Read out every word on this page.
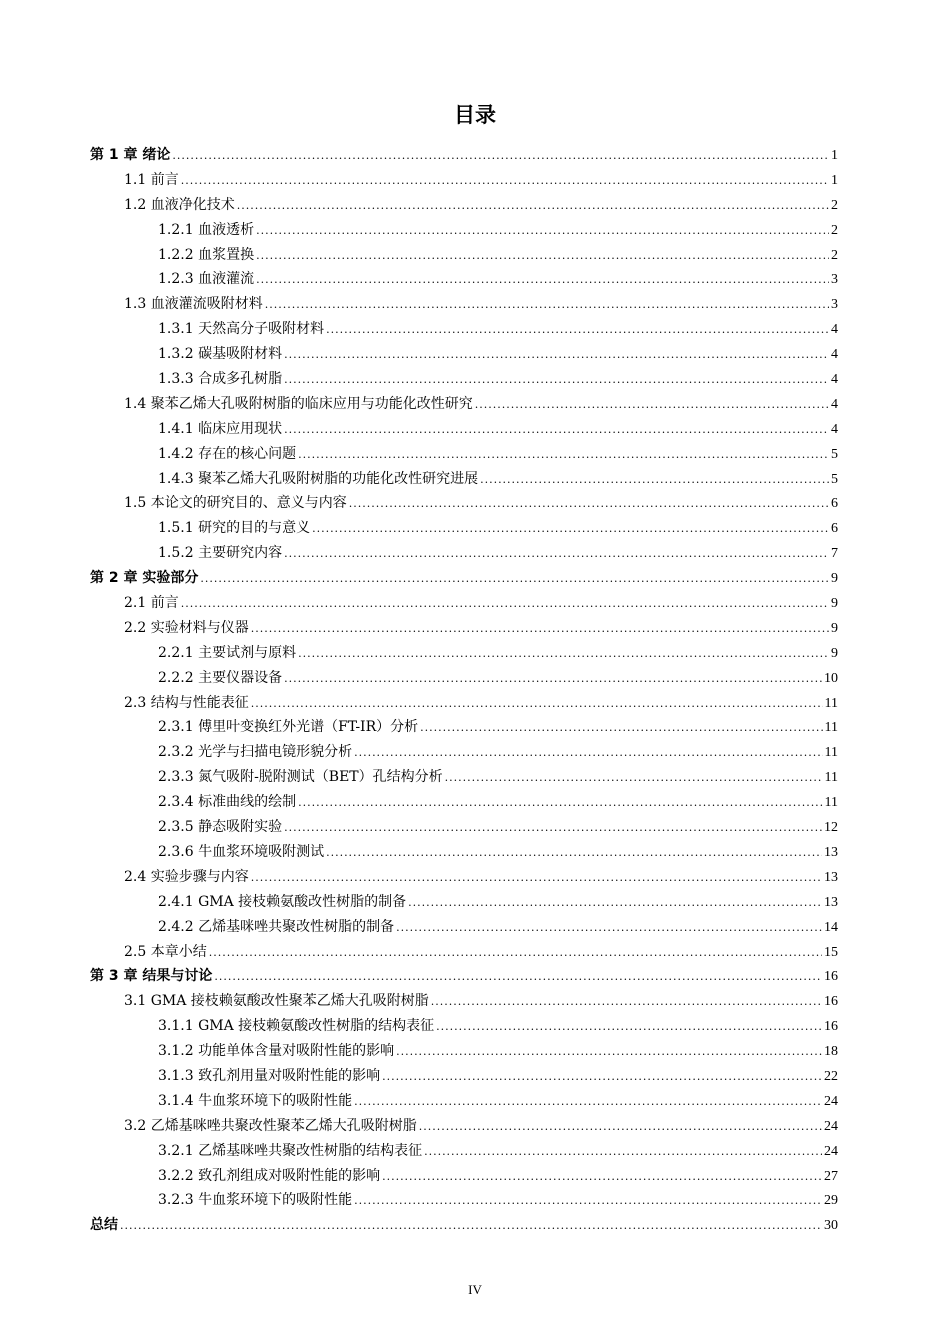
目录
第 1 章 绪论 .....	1
1.1 前言 .....	1
1.2 血液净化技术 .....	2
1.2.1 血液透析 .....	2
1.2.2 血浆置换 .....	2
1.2.3 血液灌流 .....	3
1.3 血液灌流吸附材料 .....	3
1.3.1 天然高分子吸附材料 .....	4
1.3.2 碳基吸附材料 .....	4
1.3.3 合成多孔树脂 .....	4
1.4 聚苯乙烯大孔吸附树脂的临床应用与功能化改性研究 .....	4
1.4.1 临床应用现状 .....	4
1.4.2 存在的核心问题 .....	5
1.4.3 聚苯乙烯大孔吸附树脂的功能化改性研究进展 .....	5
1.5 本论文的研究目的、意义与内容 .....	6
1.5.1 研究的目的与意义 .....	6
1.5.2 主要研究内容 .....	7
第 2 章 实验部分 .....	9
2.1 前言 .....	9
2.2 实验材料与仪器 .....	9
2.2.1 主要试剂与原料 .....	9
2.2.2 主要仪器设备 .....	10
2.3 结构与性能表征 .....	11
2.3.1 傅里叶变换红外光谱（FT-IR）分析 .....	11
2.3.2 光学与扫描电镜形貌分析 .....	11
2.3.3 氮气吸附-脱附测试（BET）孔结构分析 .....	11
2.3.4 标准曲线的绘制 .....	11
2.3.5 静态吸附实验 .....	12
2.3.6 牛血浆环境吸附测试 .....	13
2.4 实验步骤与内容 .....	13
2.4.1 GMA 接枝赖氨酸改性树脂的制备 .....	13
2.4.2 乙烯基咪唑共聚改性树脂的制备 .....	14
2.5 本章小结 .....	15
第 3 章 结果与讨论 .....	16
3.1 GMA 接枝赖氨酸改性聚苯乙烯大孔吸附树脂 .....	16
3.1.1 GMA 接枝赖氨酸改性树脂的结构表征 .....	16
3.1.2 功能单体含量对吸附性能的影响 .....	18
3.1.3 致孔剂用量对吸附性能的影响 .....	22
3.1.4 牛血浆环境下的吸附性能 .....	24
3.2 乙烯基咪唑共聚改性聚苯乙烯大孔吸附树脂 .....	24
3.2.1 乙烯基咪唑共聚改性树脂的结构表征 .....	24
3.2.2 致孔剂组成对吸附性能的影响 .....	27
3.2.3 牛血浆环境下的吸附性能 .....	29
总结 .....	30
IV
